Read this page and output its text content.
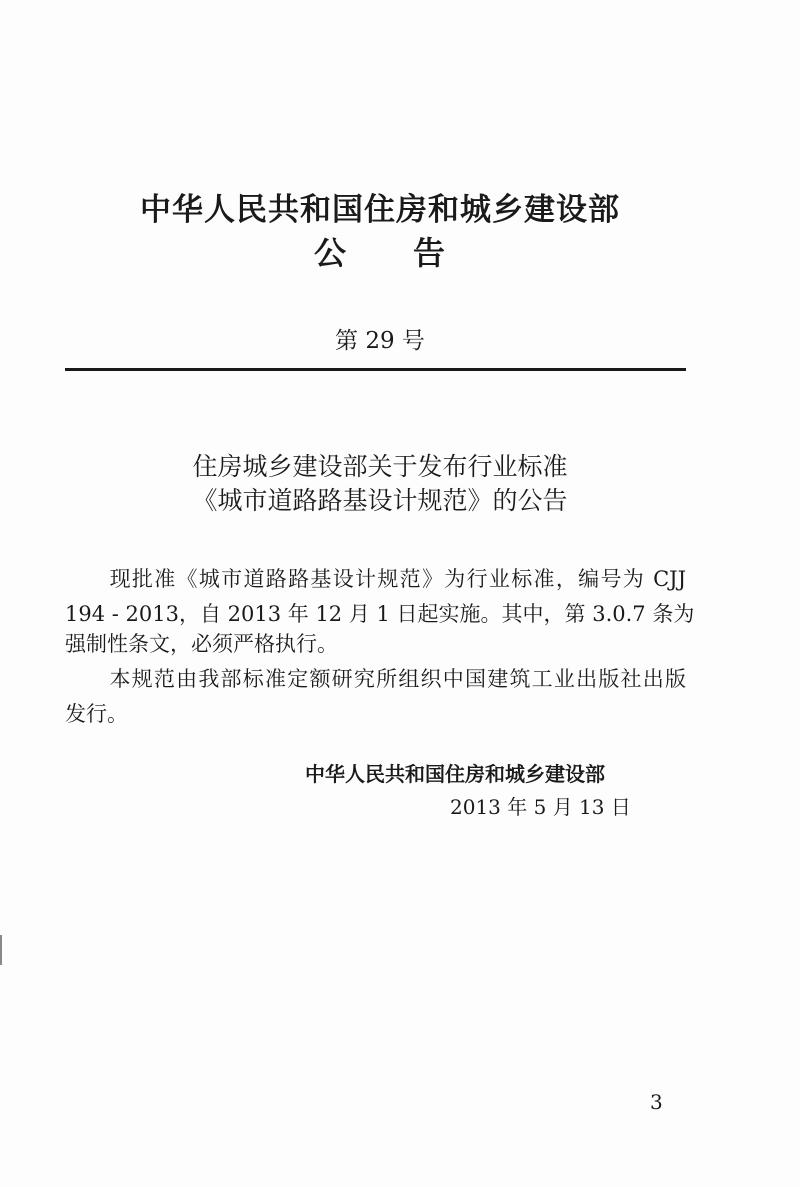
中华人民共和国住房和城乡建设部
公　　告
第 29 号
住房城乡建设部关于发布行业标准
《城市道路路基设计规范》的公告
　　现批准《城市道路路基设计规范》为行业标准，编号为 CJJ
194 - 2013，自 2013 年 12 月 1 日起实施。其中，第 3.0.7 条为
强制性条文，必须严格执行。
　　本规范由我部标准定额研究所组织中国建筑工业出版社出版
发行。
中华人民共和国住房和城乡建设部
2013 年 5 月 13 日
3
